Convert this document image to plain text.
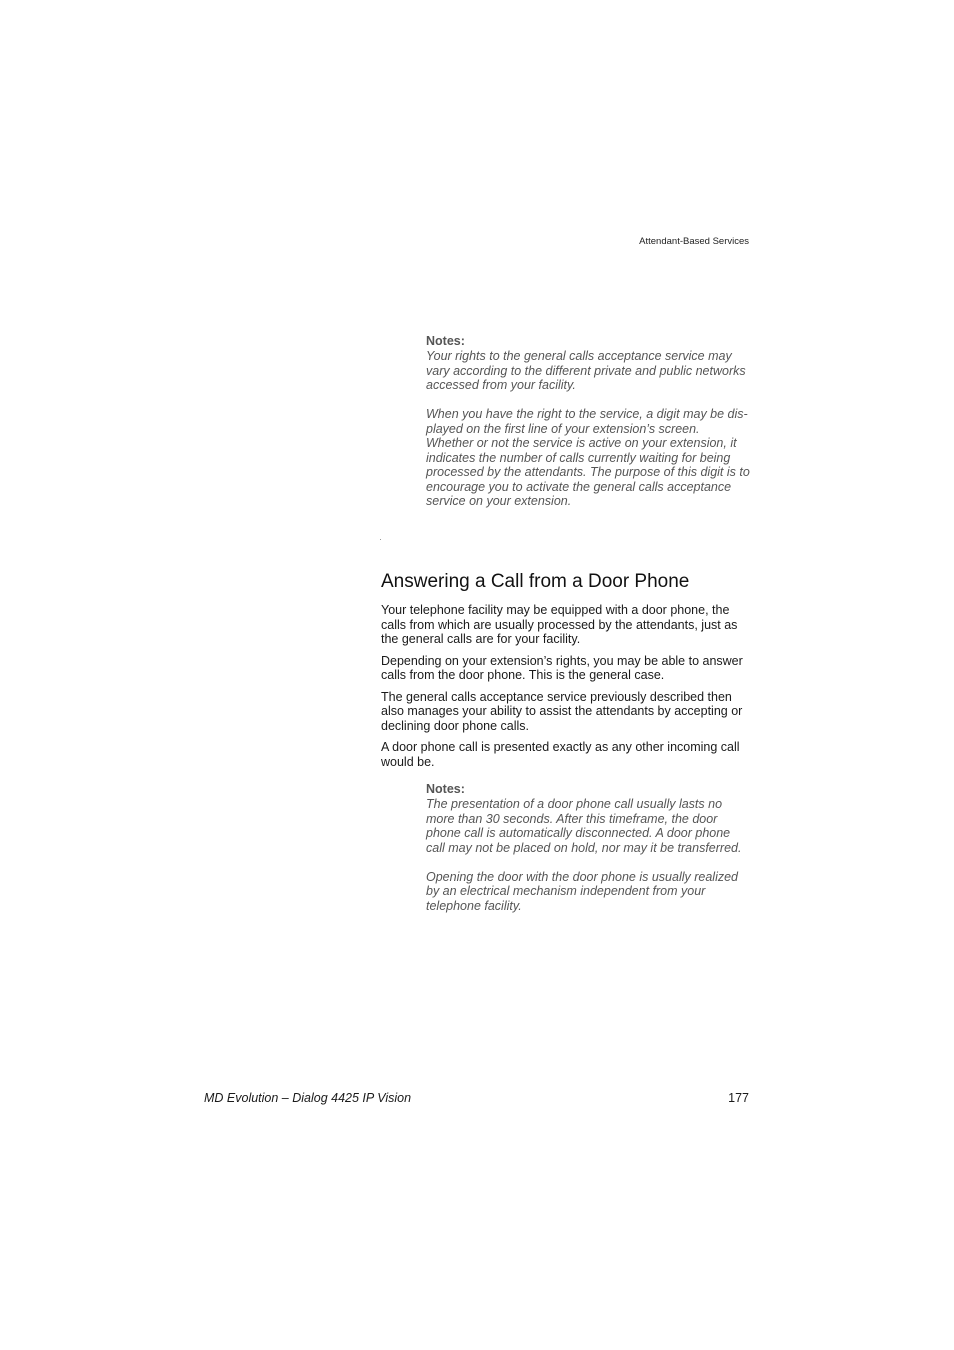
Attendant-Based Services

Notes:

Your rights to the general calls acceptance service may vary according to the different private and public networks accessed from your facility.

When you have the right to the service, a digit may be dis-played on the first line of your extension’s screen. Whether or not the service is active on your extension, it indicates the number of calls currently waiting for being processed by the attendants. The purpose of this digit is to encourage you to activate the general calls acceptance service on your extension.

Answering a Call from a Door Phone

Your telephone facility may be equipped with a door phone, the calls from which are usually processed by the attendants, just as the general calls are for your facility.

Depending on your extension’s rights, you may be able to answer calls from the door phone. This is the general case.

The general calls acceptance service previously described then also manages your ability to assist the attendants by accepting or declining door phone calls.

A door phone call is presented exactly as any other incoming call would be.

Notes:

The presentation of a door phone call usually lasts no more than 30 seconds. After this timeframe, the door phone call is automatically disconnected. A door phone call may not be placed on hold, nor may it be transferred.

Opening the door with the door phone is usually realized by an electrical mechanism independent from your telephone facility.

MD Evolution – Dialog 4425 IP Vision	177
